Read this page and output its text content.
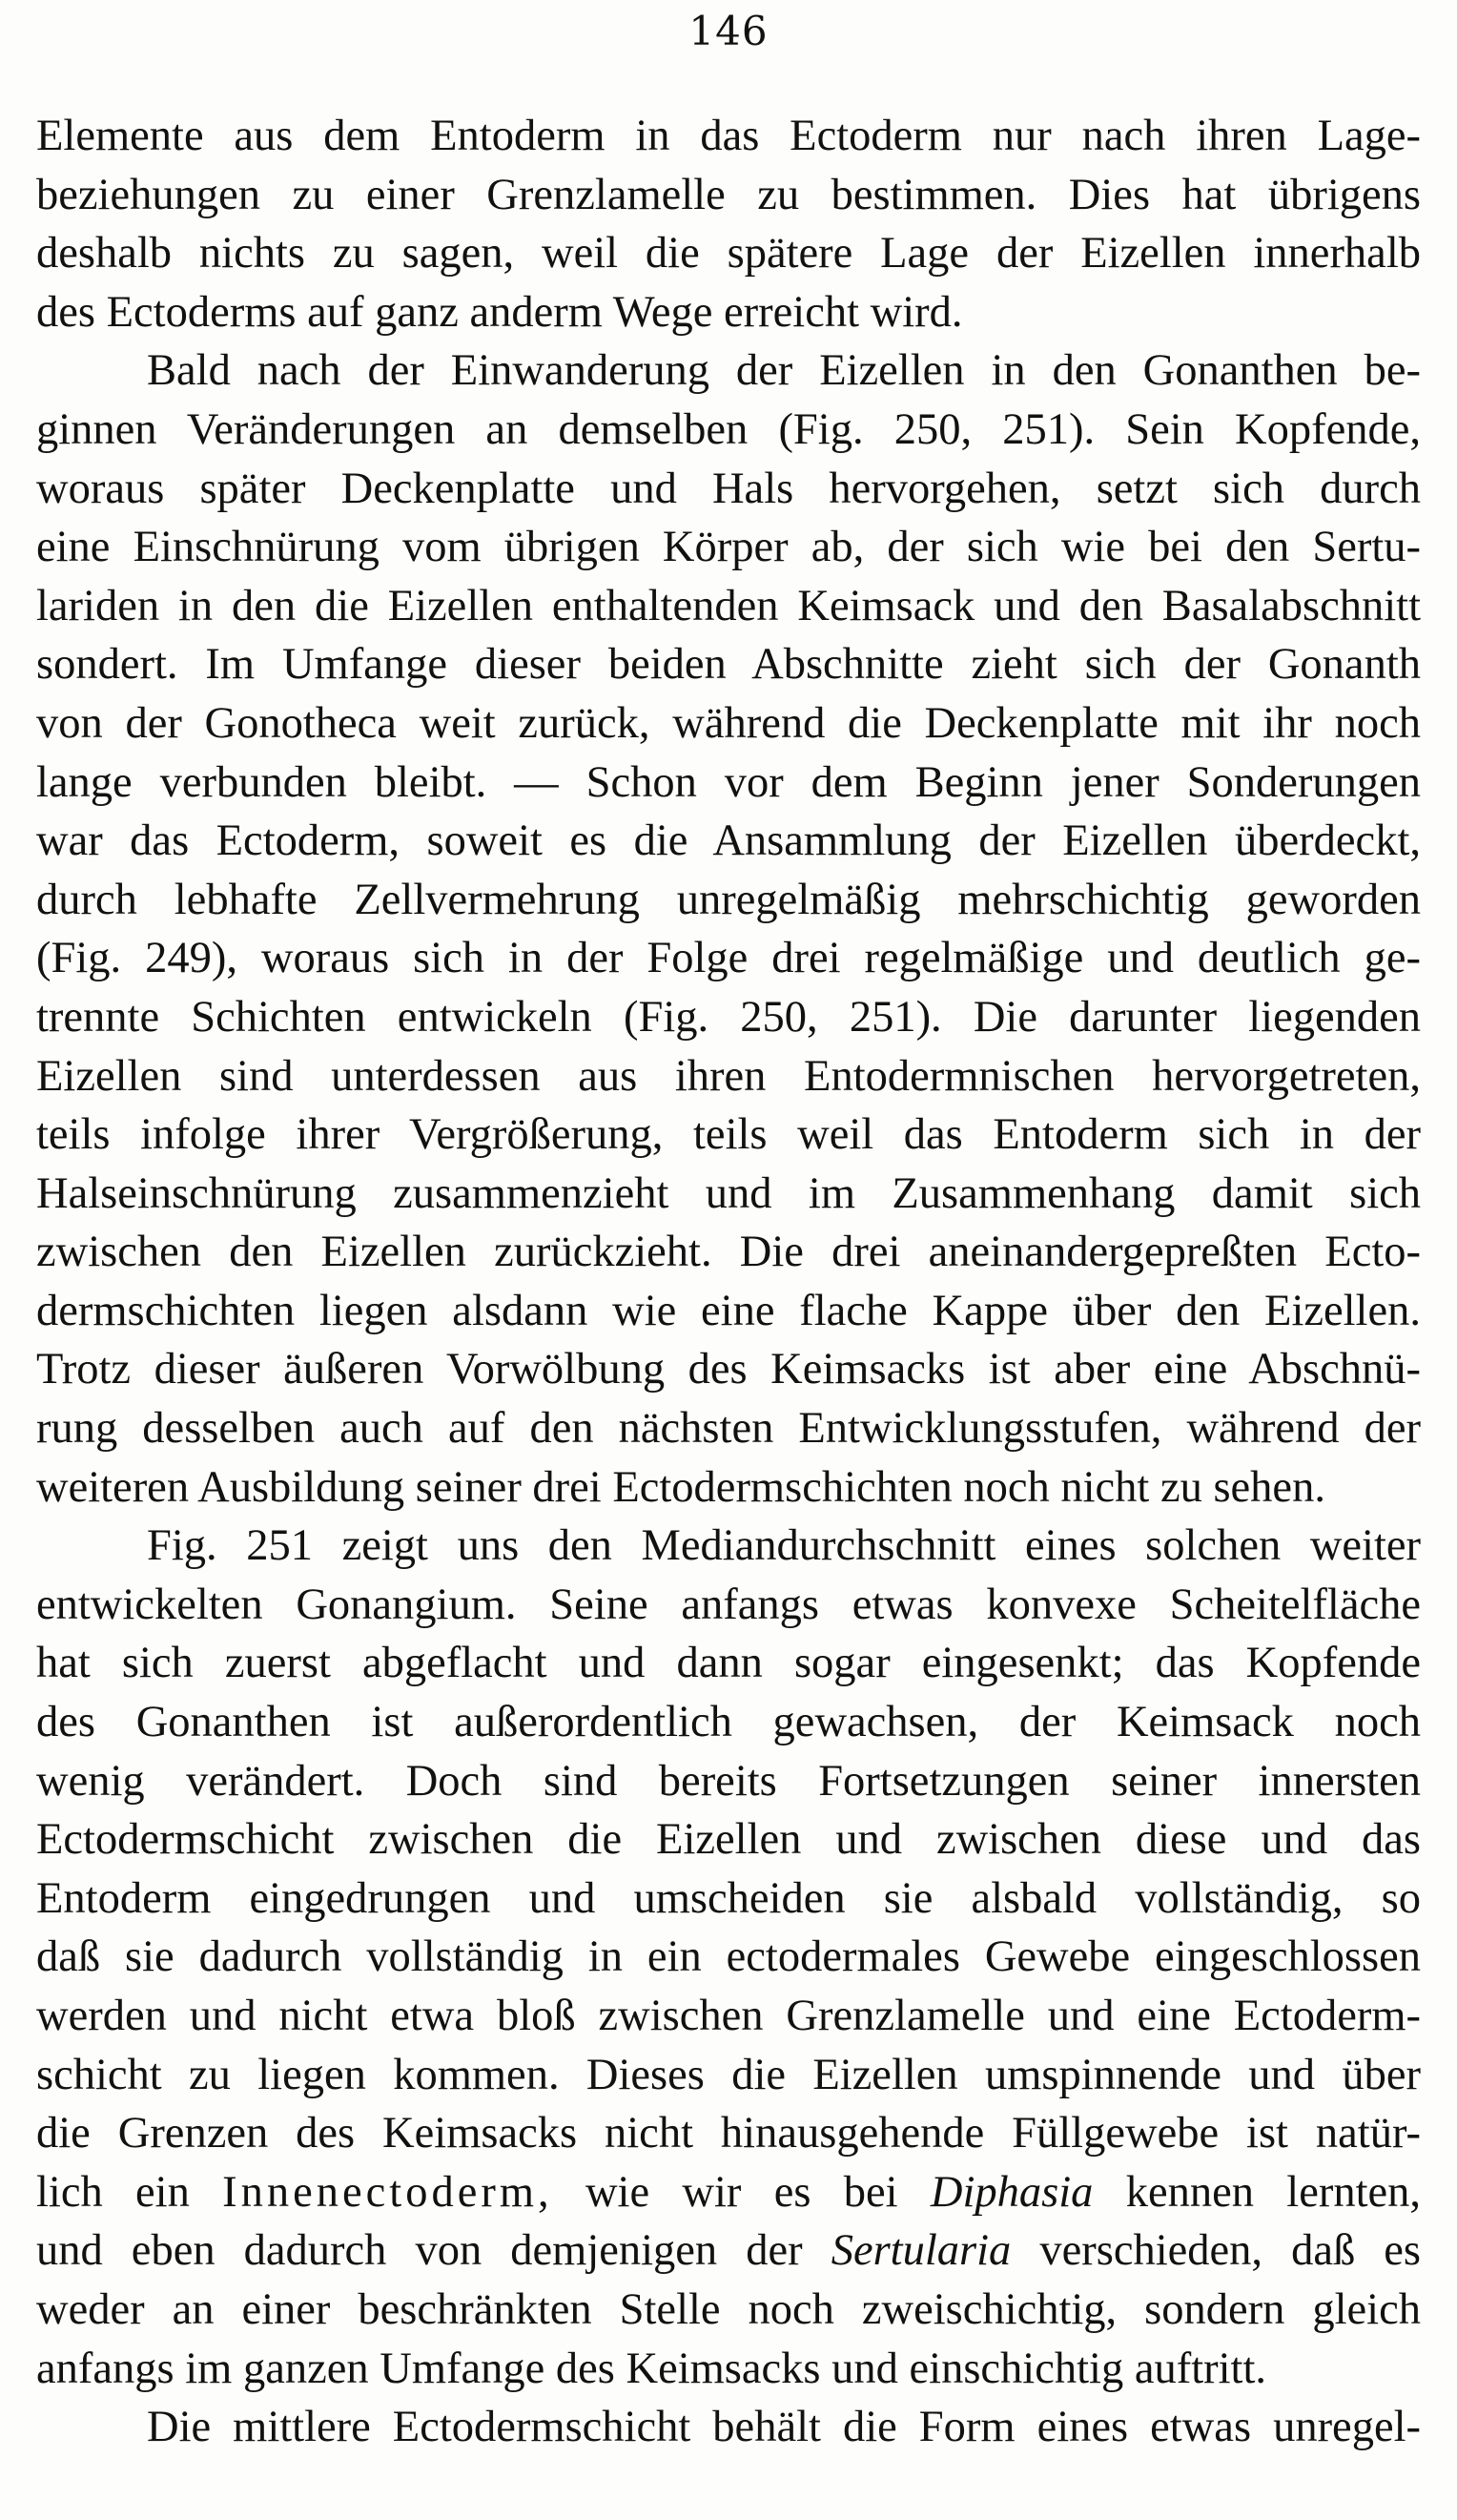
146

Elemente aus dem Entoderm in das Ectoderm nur nach ihren Lage-
beziehungen zu einer Grenzlamelle zu bestimmen. Dies hat übrigens
deshalb nichts zu sagen, weil die spätere Lage der Eizellen innerhalb
des Ectoderms auf ganz anderm Wege erreicht wird.

Bald nach der Einwanderung der Eizellen in den Gonanthen be-
ginnen Veränderungen an demselben (Fig. 250, 251). Sein Kopfende,
woraus später Deckenplatte und Hals hervorgehen, setzt sich durch
eine Einschnürung vom übrigen Körper ab, der sich wie bei den Sertu-
lariden in den die Eizellen enthaltenden Keimsack und den Basalabschnitt
sondert. Im Umfange dieser beiden Abschnitte zieht sich der Gonanth
von der Gonotheca weit zurück, während die Deckenplatte mit ihr noch
lange verbunden bleibt. — Schon vor dem Beginn jener Sonderungen
war das Ectoderm, soweit es die Ansammlung der Eizellen überdeckt,
durch lebhafte Zellvermehrung unregelmäßig mehrschichtig geworden
(Fig. 249), woraus sich in der Folge drei regelmäßige und deutlich ge-
trennte Schichten entwickeln (Fig. 250, 251). Die darunter liegenden
Eizellen sind unterdessen aus ihren Entodermnischen hervorgetreten,
teils infolge ihrer Vergrößerung, teils weil das Entoderm sich in der
Halseinschnürung zusammenzieht und im Zusammenhang damit sich
zwischen den Eizellen zurückzieht. Die drei aneinandergepreßten Ecto-
dermschichten liegen alsdann wie eine flache Kappe über den Eizellen.
Trotz dieser äußeren Vorwölbung des Keimsacks ist aber eine Abschnü-
rung desselben auch auf den nächsten Entwicklungsstufen, während der
weiteren Ausbildung seiner drei Ectodermschichten noch nicht zu sehen.

Fig. 251 zeigt uns den Mediandurchschnitt eines solchen weiter
entwickelten Gonangium. Seine anfangs etwas konvexe Scheitelfläche
hat sich zuerst abgeflacht und dann sogar eingesenkt; das Kopfende
des Gonanthen ist außerordentlich gewachsen, der Keimsack noch
wenig verändert. Doch sind bereits Fortsetzungen seiner innersten
Ectodermschicht zwischen die Eizellen und zwischen diese und das
Entoderm eingedrungen und umscheiden sie alsbald vollständig, so
daß sie dadurch vollständig in ein ectodermales Gewebe eingeschlossen
werden und nicht etwa bloß zwischen Grenzlamelle und eine Ectoderm-
schicht zu liegen kommen. Dieses die Eizellen umspinnende und über
die Grenzen des Keimsacks nicht hinausgehende Füllgewebe ist natür-
lich ein Innenectoderm, wie wir es bei Diphasia kennen lernten,
und eben dadurch von demjenigen der Sertularia verschieden, daß es
weder an einer beschränkten Stelle noch zweischichtig, sondern gleich
anfangs im ganzen Umfange des Keimsacks und einschichtig auftritt.

Die mittlere Ectodermschicht behält die Form eines etwas unregel-
